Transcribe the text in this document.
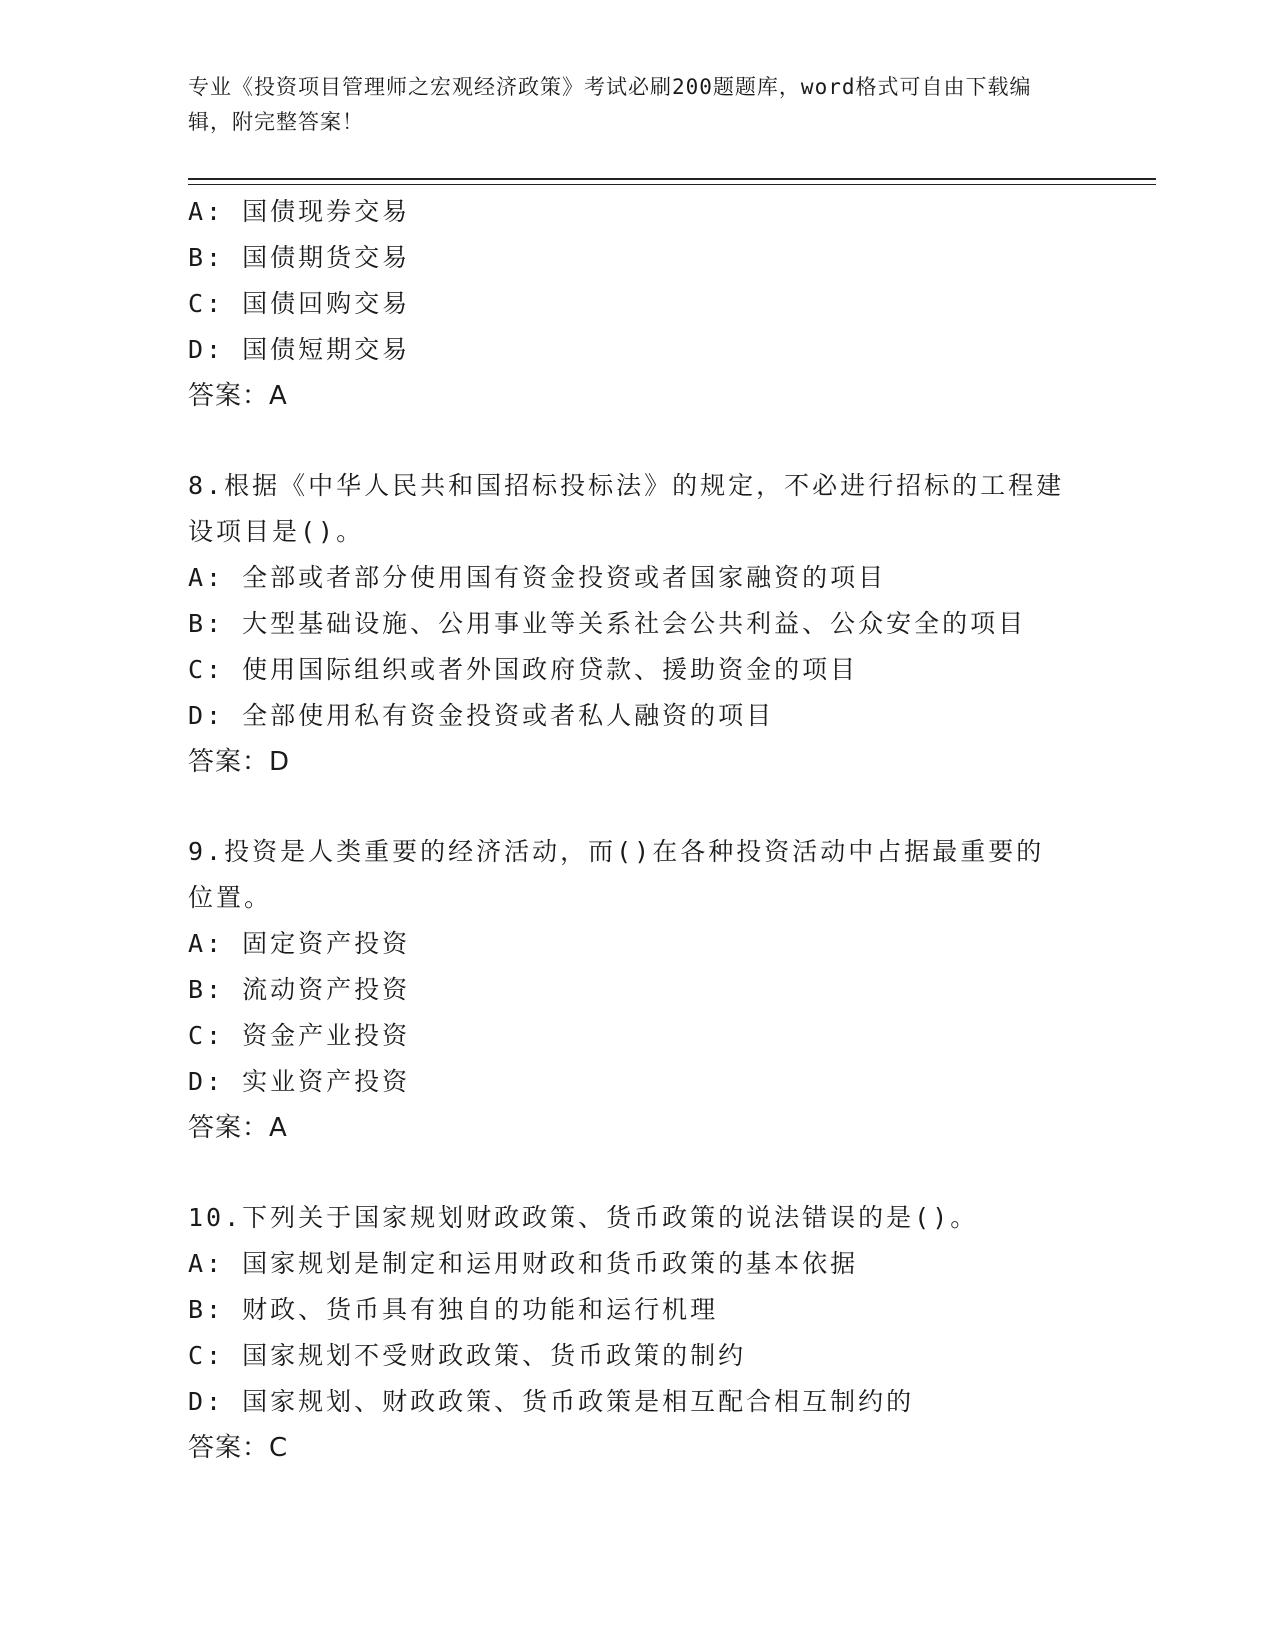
专业《投资项目管理师之宏观经济政策》考试必刷200题题库，word格式可自由下载编辑，附完整答案！
A: 国债现券交易
B: 国债期货交易
C: 国债回购交易
D: 国债短期交易
答案：A
8.根据《中华人民共和国招标投标法》的规定，不必进行招标的工程建设项目是()。
A: 全部或者部分使用国有资金投资或者国家融资的项目
B: 大型基础设施、公用事业等关系社会公共利益、公众安全的项目
C: 使用国际组织或者外国政府贷款、援助资金的项目
D: 全部使用私有资金投资或者私人融资的项目
答案：D
9.投资是人类重要的经济活动，而()在各种投资活动中占据最重要的位置。
A: 固定资产投资
B: 流动资产投资
C: 资金产业投资
D: 实业资产投资
答案：A
10.下列关于国家规划财政政策、货币政策的说法错误的是()。
A: 国家规划是制定和运用财政和货币政策的基本依据
B: 财政、货币具有独自的功能和运行机理
C: 国家规划不受财政政策、货币政策的制约
D: 国家规划、财政政策、货币政策是相互配合相互制约的
答案：C
